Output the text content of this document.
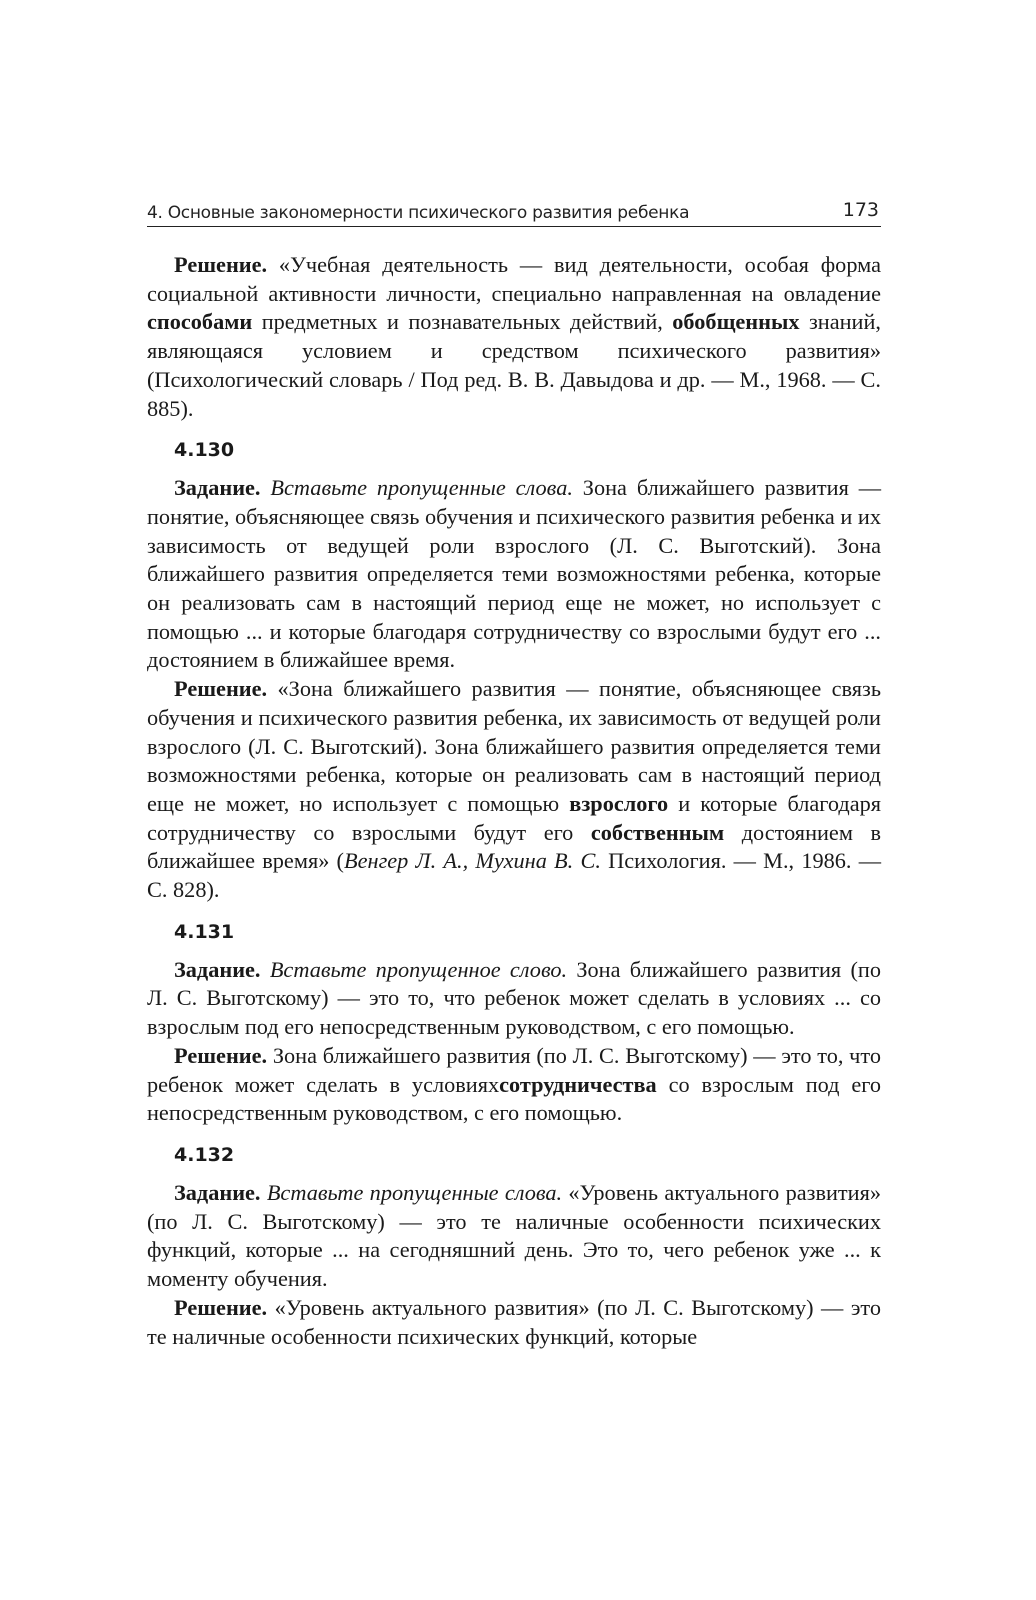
4. Основные закономерности психического развития ребенка	173

Решение. «Учебная деятельность — вид деятельности, особая форма социальной активности личности, специально направленная на овладение способами предметных и познавательных действий, обобщенных знаний, являющаяся условием и средством психического развития» (Психологический словарь / Под ред. В. В. Давыдова и др. — М., 1968. — С. 885).

4.130

Задание. Вставьте пропущенные слова. Зона ближайшего развития — понятие, объясняющее связь обучения и психического развития ребенка и их зависимость от ведущей роли взрослого (Л. С. Выготский). Зона ближайшего развития определяется теми возможностями ребенка, которые он реализовать сам в настоящий период еще не может, но использует с помощью ... и которые благодаря сотрудничеству со взрослыми будут его ... достоянием в ближайшее время.

Решение. «Зона ближайшего развития — понятие, объясняющее связь обучения и психического развития ребенка, их зависимость от ведущей роли взрослого (Л. С. Выготский). Зона ближайшего развития определяется теми возможностями ребенка, которые он реализовать сам в настоящий период еще не может, но использует с помощью взрослого и которые благодаря сотрудничеству со взрослыми будут его собственным достоянием в ближайшее время» (Венгер Л. А., Мухина В. С. Психология. — М., 1986. — С. 828).

4.131

Задание. Вставьте пропущенное слово. Зона ближайшего развития (по Л. С. Выготскому) — это то, что ребенок может сделать в условиях ... со взрослым под его непосредственным руководством, с его помощью.

Решение. Зона ближайшего развития (по Л. С. Выготскому) — это то, что ребенок может сделать в условияхсотрудничества со взрослым под его непосредственным руководством, с его помощью.

4.132

Задание. Вставьте пропущенные слова. «Уровень актуального развития» (по Л. С. Выготскому) — это те наличные особенности психических функций, которые ... на сегодняшний день. Это то, чего ребенок уже ... к моменту обучения.

Решение. «Уровень актуального развития» (по Л. С. Выготскому) — это те наличные особенности психических функций, которые
